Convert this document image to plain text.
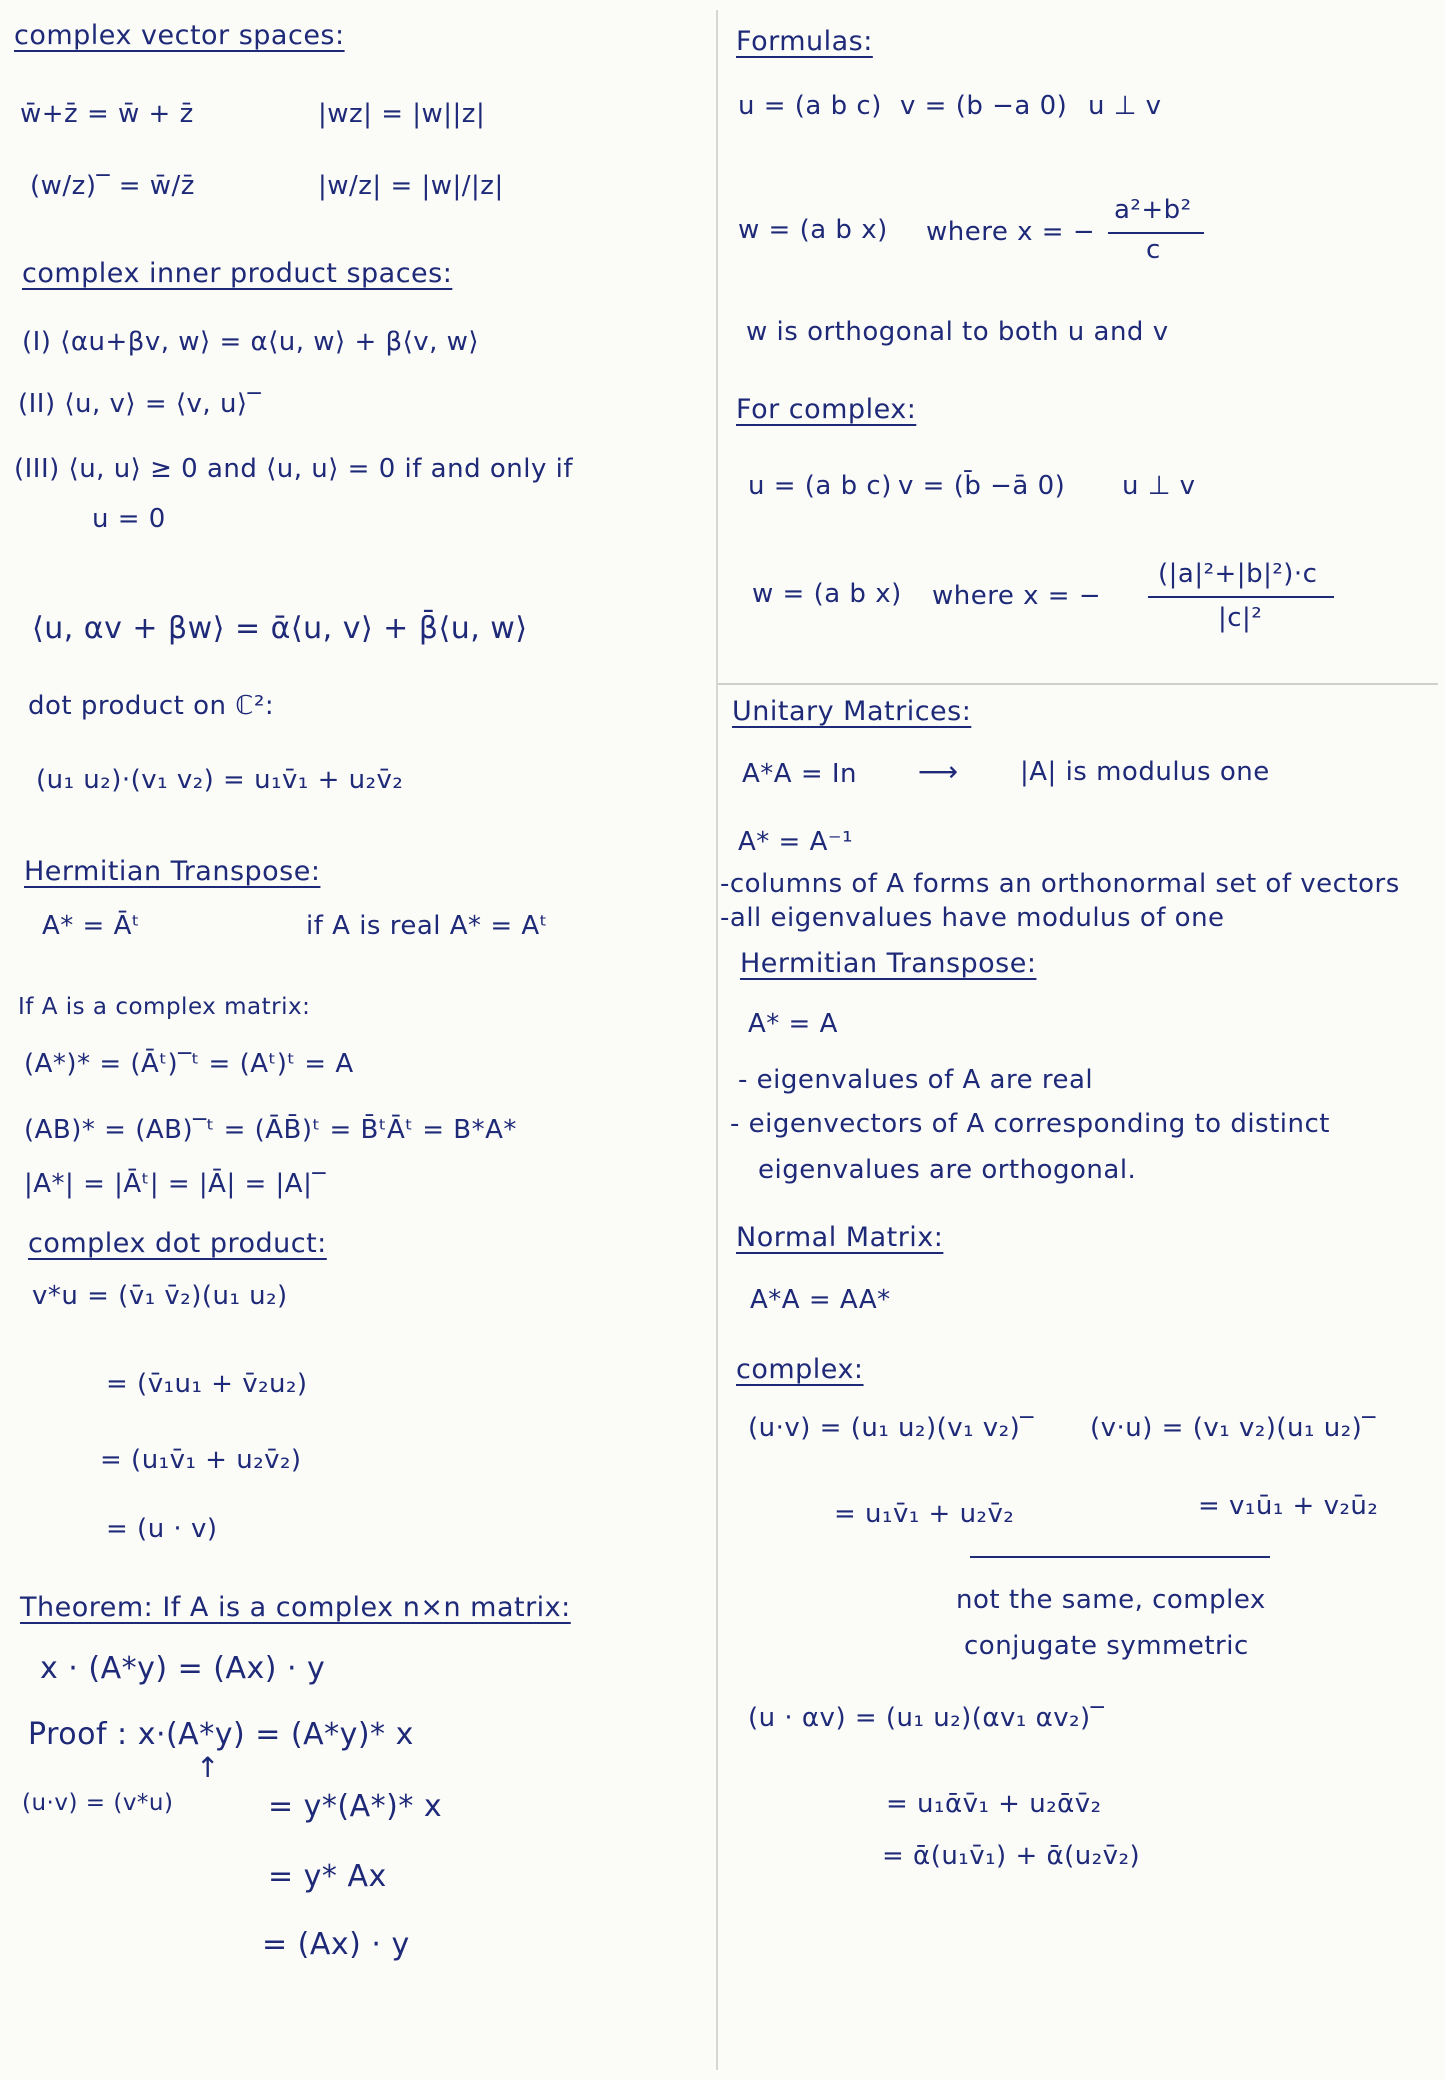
complex vector spaces:
w̄+z̄ = w̄ + z̄	|wz| = |w||z|
(w/z)‾ = w̄/z̄	|w/z| = |w|/|z|
complex inner product spaces:
(I) ⟨αu+βv, w⟩ = α⟨u, w⟩ + β⟨v, w⟩
(II) ⟨u, v⟩ = ⟨v, u⟩‾
(III) ⟨u, u⟩ ≥ 0 and ⟨u, u⟩ = 0 if and only if
u = 0
⟨u, αv + βw⟩ = ᾱ⟨u, v⟩ + β̄⟨u, w⟩
dot product on ℂ²:
(u₁ u₂)·(v₁ v₂) = u₁v̄₁ + u₂v̄₂
Hermitian Transpose:
A* = Āᵗ	if A is real A* = Aᵗ
If A is a complex matrix:
(A*)* = (Āᵗ)‾ᵗ = (Aᵗ)ᵗ = A
(AB)* = (AB)‾ᵗ = (ĀB̄)ᵗ = B̄ᵗĀᵗ = B*A*
|A*| = |Āᵗ| = |Ā| = |A|‾
complex dot product:
v*u = (v̄₁ v̄₂)(u₁ u₂)
= (v̄₁u₁ + v̄₂u₂)
= (u₁v̄₁ + u₂v̄₂)
= (u · v)
Theorem: If A is a complex n×n matrix:
x · (A*y) = (Ax) · y
Proof : x·(A*y) = (A*y)* x
↑
(u·v) = (v*u)	= y*(A*)* x
= y* Ax
= (Ax) · y
Formulas:
u = (a b c) v = (b −a 0) u ⊥ v
w = (a b x) where x = −
a²+b²
c
w is orthogonal to both u and v
For complex:
u = (a b c) v = (b̄ −ā 0) u ⊥ v
w = (a b x) where x = −
(|a|²+|b|²)·c
|c|²
Unitary Matrices:
A*A = In ⟶ |A| is modulus one
A* = A⁻¹
-columns of A forms an orthonormal set of vectors
-all eigenvalues have modulus of one
Hermitian Transpose:
A* = A
- eigenvalues of A are real
- eigenvectors of A corresponding to distinct
eigenvalues are orthogonal.
Normal Matrix:
A*A = AA*
complex:
(u·v) = (u₁ u₂)(v₁ v₂)‾ (v·u) = (v₁ v₂)(u₁ u₂)‾
= u₁v̄₁ + u₂v̄₂	= v₁ū₁ + v₂ū₂
not the same, complex
conjugate symmetric
(u · αv) = (u₁ u₂)(αv₁ αv₂)‾
= u₁ᾱv̄₁ + u₂ᾱv̄₂
= ᾱ(u₁v̄₁) + ᾱ(u₂v̄₂)
